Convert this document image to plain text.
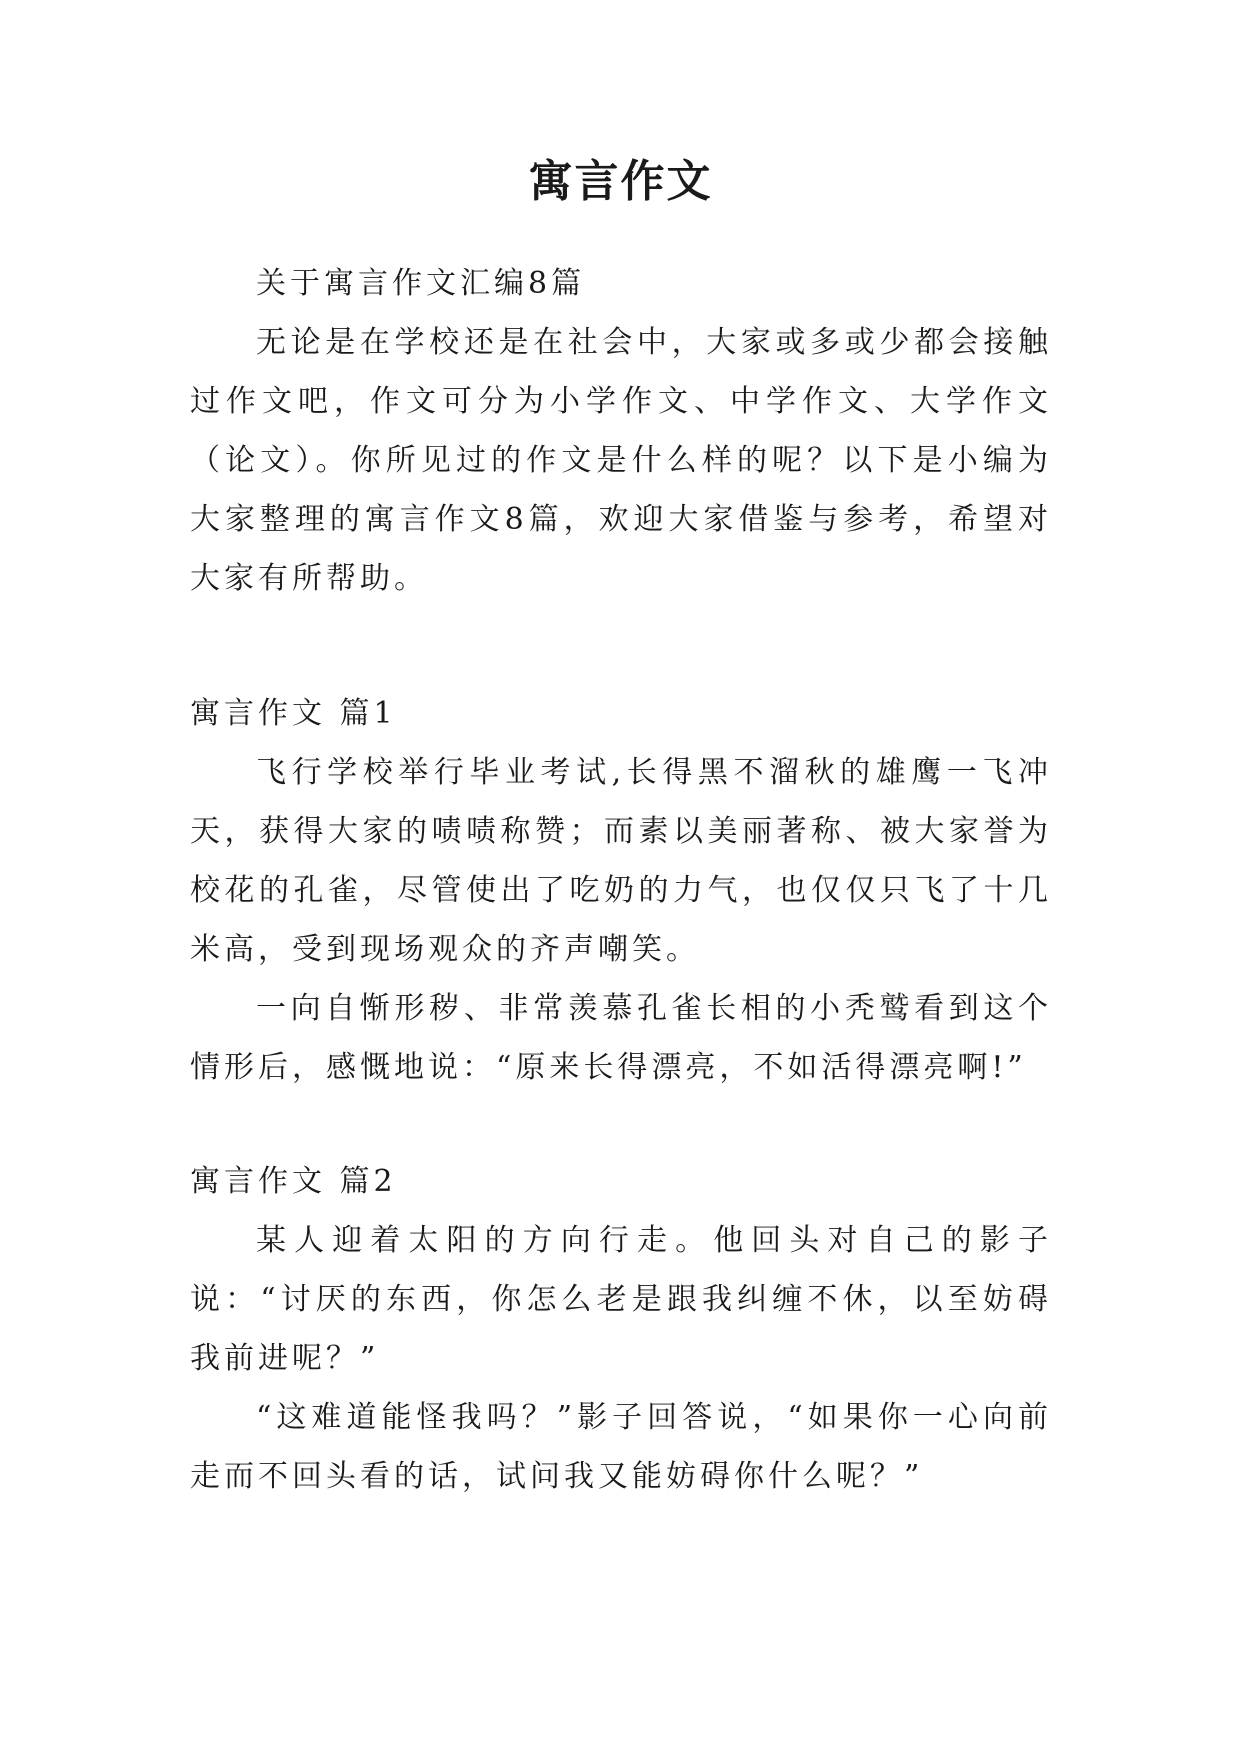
寓言作文

关于寓言作文汇编8篇

无论是在学校还是在社会中，大家或多或少都会接触过作文吧，作文可分为小学作文、中学作文、大学作文（论文）。你所见过的作文是什么样的呢？以下是小编为大家整理的寓言作文8篇，欢迎大家借鉴与参考，希望对大家有所帮助。

寓言作文 篇1

飞行学校举行毕业考试,长得黑不溜秋的雄鹰一飞冲天，获得大家的啧啧称赞；而素以美丽著称、被大家誉为校花的孔雀，尽管使出了吃奶的力气，也仅仅只飞了十几米高，受到现场观众的齐声嘲笑。

一向自惭形秽、非常羡慕孔雀长相的小秃鹫看到这个情形后，感慨地说：“原来长得漂亮，不如活得漂亮啊!”

寓言作文 篇2

某人迎着太阳的方向行走。他回头对自己的影子说：“讨厌的东西，你怎么老是跟我纠缠不休，以至妨碍我前进呢？”

“这难道能怪我吗？”影子回答说，“如果你一心向前走而不回头看的话，试问我又能妨碍你什么呢？”
